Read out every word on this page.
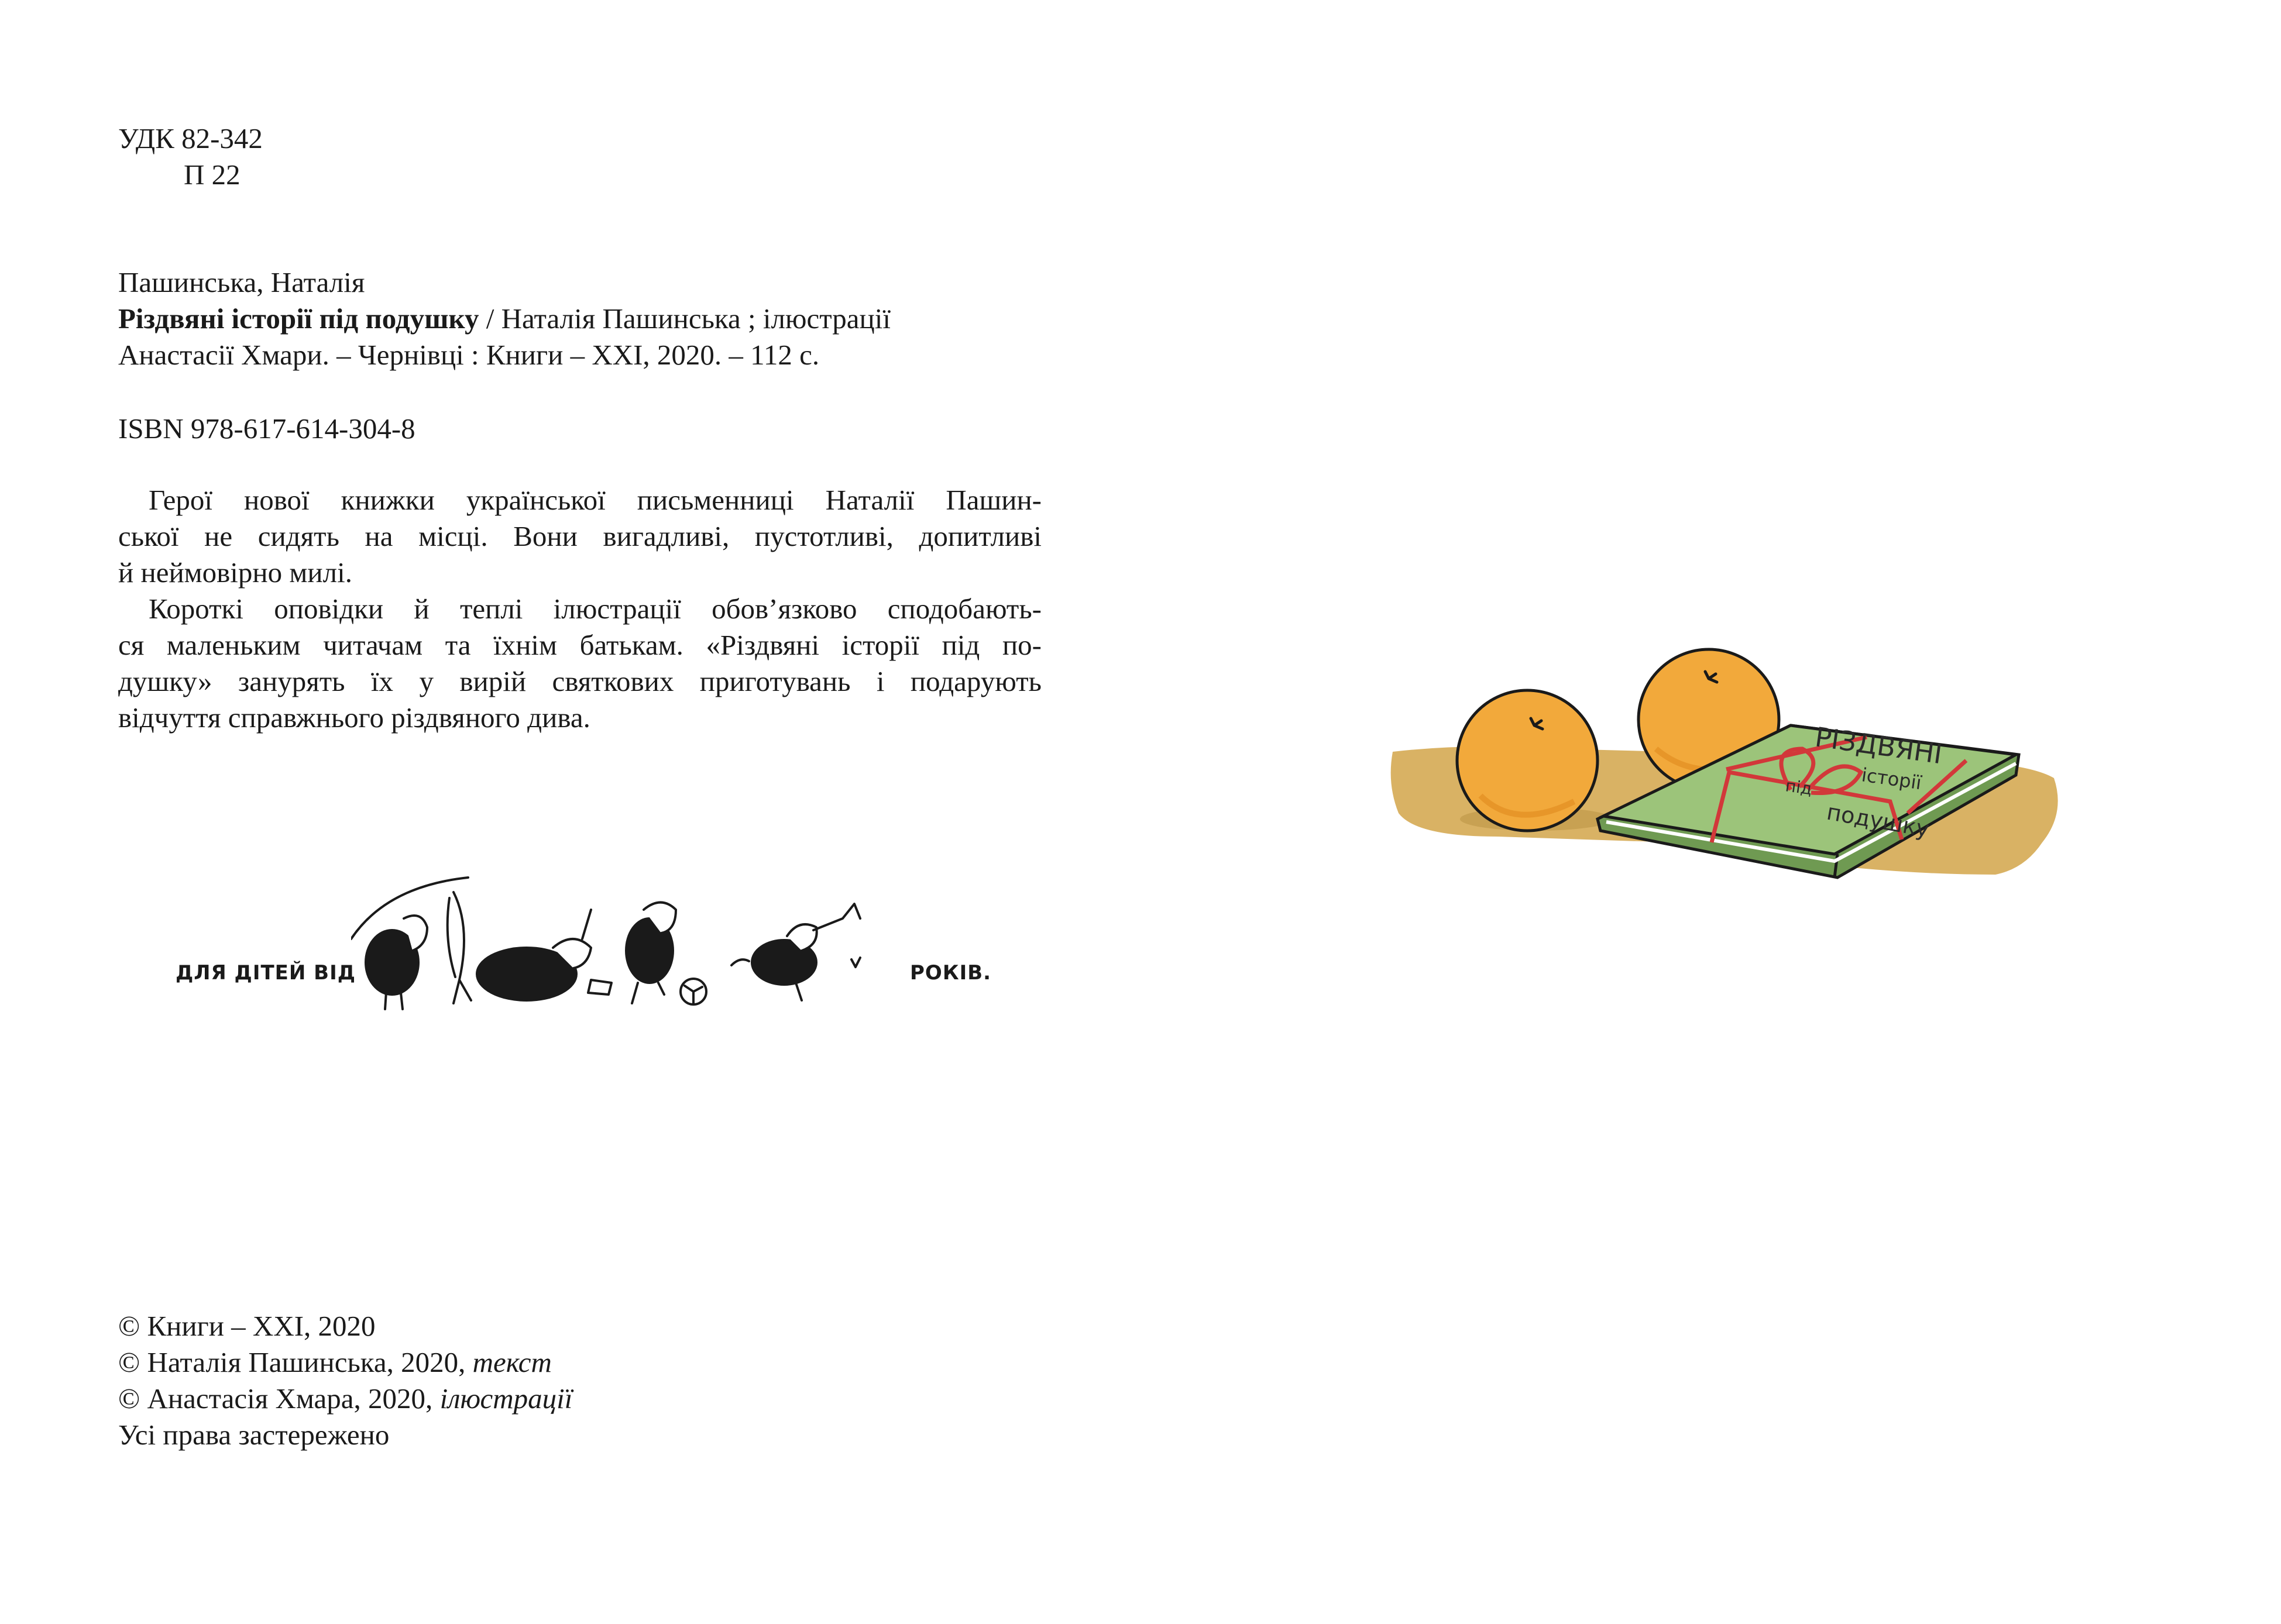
УДК 82-342
П 22
Пашинська, Наталія
Різдвяні історії під подушку / Наталія Пашинська ; ілюстрації
Анастасії Хмари. – Чернівці : Книги – XXI, 2020. – 112 с.
ISBN 978-617-614-304-8
Герої нової книжки української письменниці Наталії Пашин-
ської не сидять на місці. Вони вигадливі, пустотливі, допитливі
й неймовірно милі.
Короткі оповідки й теплі ілюстрації обов’язково сподобають-
ся маленьким читачам та їхнім батькам. «Різдвяні історії під по-
душку» занурять їх у вирій святкових приготувань і подарують
відчуття справжнього різдвяного дива.
ДЛЯ ДІТЕЙ ВІД	РОКІВ.
РІЗДВЯНІ
історії
під
подушку
© Книги – XXI, 2020
© Наталія Пашинська, 2020, текст
© Анастасія Хмара, 2020, ілюстрації
Усі права застережено
